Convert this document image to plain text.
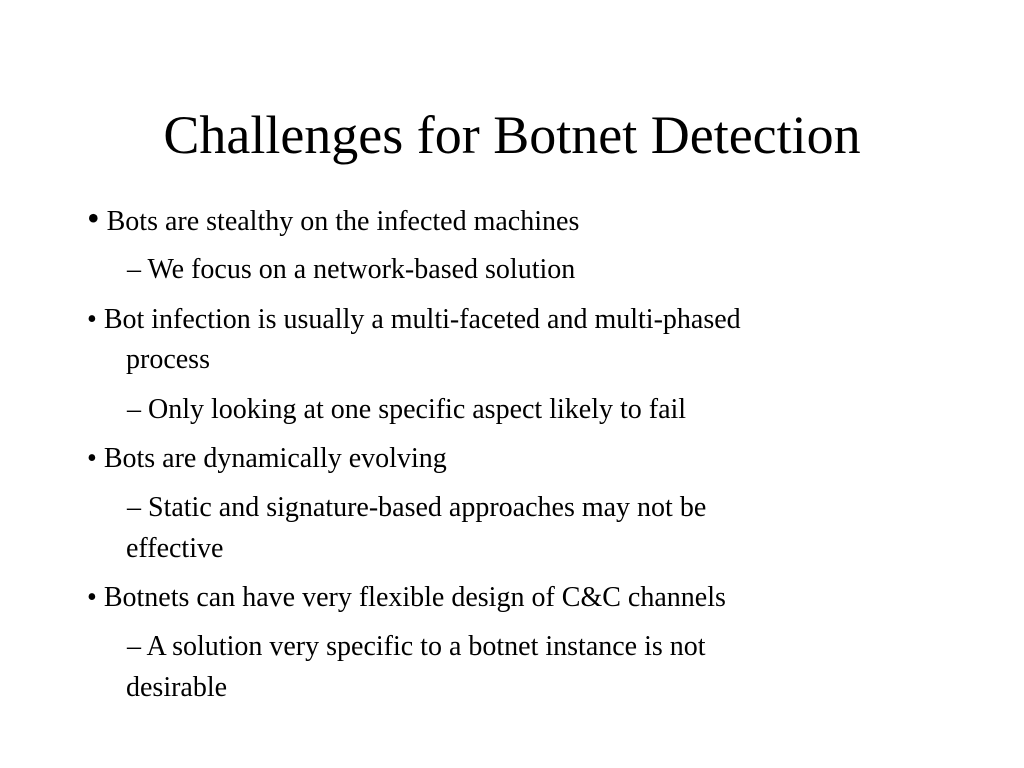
Challenges for Botnet Detection
• Bots are stealthy on the infected machines
– We focus on a network-based solution
• Bot infection is usually a multi-faceted and multi-phased
process
– Only looking at one specific aspect likely to fail
• Bots are dynamically evolving
– Static and signature-based approaches may not be
effective
• Botnets can have very flexible design of C&C channels
– A solution very specific to a botnet instance is not
desirable
